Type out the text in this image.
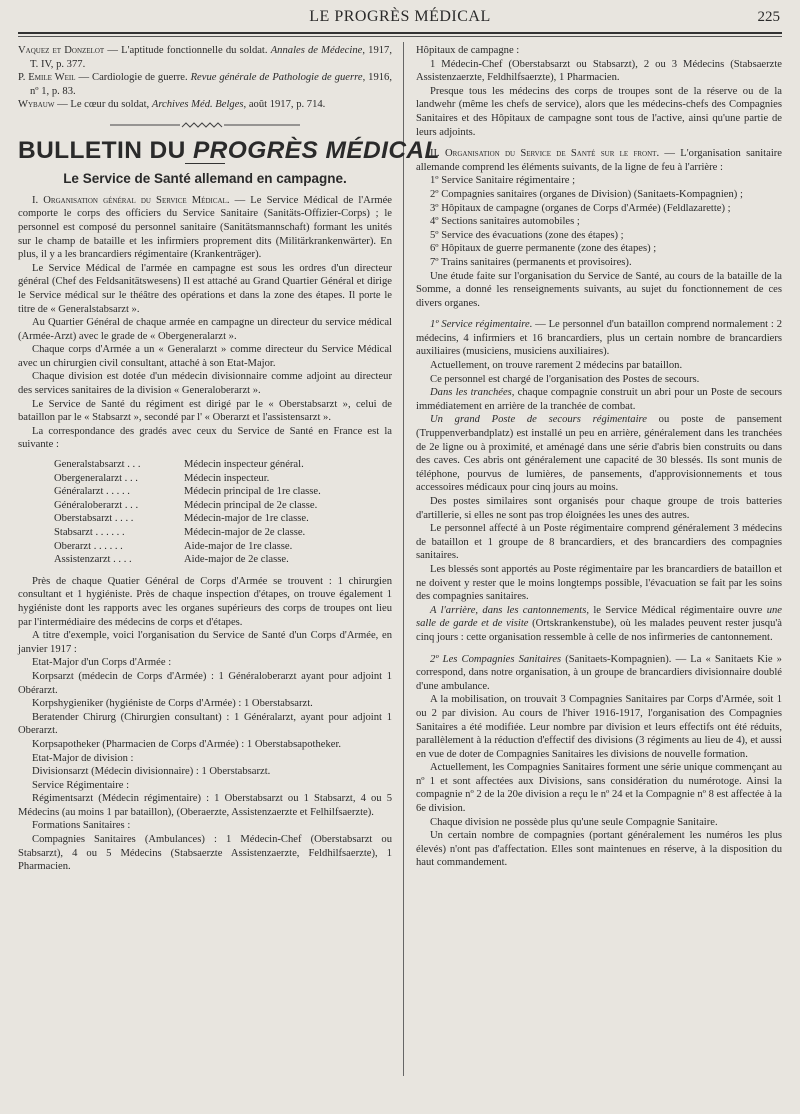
LE PROGRÈS MÉDICAL	225

Vaquez et Donzelot — L'aptitude fonctionnelle du soldat. Annales de Médecine, 1917, T. IV, p. 377.

P. Emile Weil — Cardiologie de guerre. Revue générale de Pathologie de guerre, 1916, nº 1, p. 83.

Wybauw — Le cœur du soldat, Archives Méd. Belges, août 1917, p. 714.

BULLETIN DU PROGRÈS MÉDICAL
Le Service de Santé allemand en campagne.

I. Organisation général du Service Médical. — Le Service Médical de l'Armée comporte le corps des officiers du Service Sanitaire (Sanitäts-Offizier-Corps) ; le personnel est composé du personnel sanitaire (Sanitätsmannschaft) formant les unités sur le champ de bataille et les infirmiers proprement dits (Militärkrankenwärter). En plus, il y a les brancardiers régimentaire (Krankenträger).

Le Service Médical de l'armée en campagne est sous les ordres d'un directeur général (Chef des Feldsanitätswesens) Il est attaché au Grand Quartier Général et dirige le Service médical sur le théâtre des opérations et dans la zone des étapes. Il porte le titre de « Generalstabsarzt ».

Au Quartier Général de chaque armée en campagne un directeur du service médical (Armée-Arzt) avec le grade de « Obergeneralarzt ».

Chaque corps d'Armée a un « Generalarzt » comme directeur du Service Médical avec un chirurgien civil consultant, attaché à son Etat-Major.

Chaque division est dotée d'un médecin divisionnaire comme adjoint au directeur des services sanitaires de la division « Generaloberarzt ».

Le Service de Santé du régiment est dirigé par le « Oberstabsarzt », celui de bataillon par le « Stabsarzt », secondé par l' « Oberarzt et l'assistensarzt ».

La correspondance des gradés avec ceux du Service de Santé en France est la suivante :

Generalstabsarzt . . .	Médecin inspecteur général.
Obergeneralarzt . . .	Médecin inspecteur.
Généralarzt . . . . .	Médecin principal de 1re classe.
Généraloberarzt . . .	Médecin principal de 2e classe.
Oberstabsarzt . . . .	Médecin-major de 1re classe.
Stabsarzt . . . . . .	Médecin-major de 2e classe.
Oberarzt . . . . . .	Aide-major de 1re classe.
Assistenzarzt . . . .	Aide-major de 2e classe.

Près de chaque Quatier Général de Corps d'Armée se trouvent : 1 chirurgien consultant et 1 hygiéniste. Près de chaque inspection d'étapes, on trouve également 1 hygiéniste dont les rapports avec les organes supérieurs des corps de troupes ont lieu par l'intermédiaire des médecins de corps et d'étapes.

A titre d'exemple, voici l'organisation du Service de Santé d'un Corps d'Armée, en janvier 1917 :

Etat-Major d'un Corps d'Armée :

Korpsarzt (médecin de Corps d'Armée) : 1 Généraloberarzt ayant pour adjoint 1 Obérarzt.

Korpshygieniker (hygiéniste de Corps d'Armée) : 1 Oberstabsarzt.

Beratender Chirurg (Chirurgien consultant) : 1 Généralarzt, ayant pour adjoint 1 Oberarzt.

Korpsapotheker (Pharmacien de Corps d'Armée) : 1 Oberstabsapotheker.

Etat-Major de division :

Divisionsarzt (Médecin divisionnaire) : 1 Oberstabsarzt.

Service Régimentaire :

Régimentsarzt (Médecin régimentaire) : 1 Oberstabsarzt ou 1 Stabsarzt, 4 ou 5 Médecins (au moins 1 par bataillon), (Oberaerzte, Assistenzaerzte et Felhilfsaerzte).

Formations Sanitaires :

Compagnies Sanitaires (Ambulances) : 1 Médecin-Chef (Oberstabsarzt ou Stabsarzt), 4 ou 5 Médecins (Stabsaerzte Assistenzaerzte, Feldhilfsaerzte), 1 Pharmacien.

Hôpitaux de campagne :

1 Médecin-Chef (Oberstabsarzt ou Stabsarzt), 2 ou 3 Médecins (Stabsaerzte Assistenzaerzte, Feldhilfsaerzte), 1 Pharmacien.

Presque tous les médecins des corps de troupes sont de la réserve ou de la landwehr (même les chefs de service), alors que les médecins-chefs des Compagnies Sanitaires et des Hôpitaux de campagne sont tous de l'active, ainsi qu'une partie de leurs adjoints.

II. Organisation du Service de Santé sur le front. — L'organisation sanitaire allemande comprend les éléments suivants, de la ligne de feu à l'arrière :

1º Service Sanitaire régimentaire ;

2º Compagnies sanitaires (organes de Division) (Sanitaets-Kompagnien) ;

3º Hôpitaux de campagne (organes de Corps d'Armée) (Feldlazarette) ;

4º Sections sanitaires automobiles ;

5º Service des évacuations (zone des étapes) ;

6º Hôpitaux de guerre permanente (zone des étapes) ;

7º Trains sanitaires (permanents et provisoires).

Une étude faite sur l'organisation du Service de Santé, au cours de la bataille de la Somme, a donné les renseignements suivants, au sujet du fonctionnement de ces divers organes.

1º Service régimentaire. — Le personnel d'un bataillon comprend normalement : 2 médecins, 4 infirmiers et 16 brancardiers, plus un certain nombre de brancardiers auxiliaires (musiciens, musiciens auxiliaires).

Actuellement, on trouve rarement 2 médecins par bataillon.

Ce personnel est chargé de l'organisation des Postes de secours.

Dans les tranchées, chaque compagnie construit un abri pour un Poste de secours immédiatement en arrière de la tranchée de combat.

Un grand Poste de secours régimentaire ou poste de pansement (Truppenverbandplatz) est installé un peu en arrière, généralement dans les tranchées de 2e ligne ou à proximité, et aménagé dans une série d'abris bien construits ou dans des caves. Ces abris ont généralement une capacité de 30 blessés. Ils sont munis de téléphone, pourvus de lumières, de pansements, d'approvisionnements et tous accessoires médicaux pour cinq jours au moins.

Des postes similaires sont organisés pour chaque groupe de trois batteries d'artillerie, si elles ne sont pas trop éloignées les unes des autres.

Le personnel affecté à un Poste régimentaire comprend généralement 3 médecins de bataillon et 1 groupe de 8 brancardiers, et des brancardiers des compagnies sanitaires.

Les blessés sont apportés au Poste régimentaire par les brancardiers de bataillon et ne doivent y rester que le moins longtemps possible, l'évacuation se fait par les soins des compagnies sanitaires.

A l'arrière, dans les cantonnements, le Service Médical régimentaire ouvre une salle de garde et de visite (Ortskrankenstube), où les malades peuvent rester jusqu'à cinq jours : cette organisation ressemble à celle de nos infirmeries de cantonnement.

2º Les Compagnies Sanitaires (Sanitaets-Kompagnien). — La « Sanitaets Kie » correspond, dans notre organisation, à un groupe de brancardiers divisionnaire doublé d'une ambulance.

A la mobilisation, on trouvait 3 Compagnies Sanitaires par Corps d'Armée, soit 1 ou 2 par division. Au cours de l'hiver 1916-1917, l'organisation des Compagnies Sanitaires a été modifiée. Leur nombre par division et leurs effectifs ont été réduits, parallèlement à la réduction d'effectif des divisions (3 régiments au lieu de 4), et aussi en vue de doter de Compagnies Sanitaires les divisions de nouvelle formation.

Actuellement, les Compagnies Sanitaires forment une série unique commençant au nº 1 et sont affectées aux Divisions, sans considération du numérotoge. Ainsi la compagnie nº 2 de la 20e division a reçu le nº 24 et la Compagnie nº 8 est affectée à la 6e division.

Chaque division ne possède plus qu'une seule Compagnie Sanitaire.

Un certain nombre de compagnies (portant généralement les numéros les plus élevés) n'ont pas d'affectation. Elles sont maintenues en réserve, à la disposition du haut commandement.
